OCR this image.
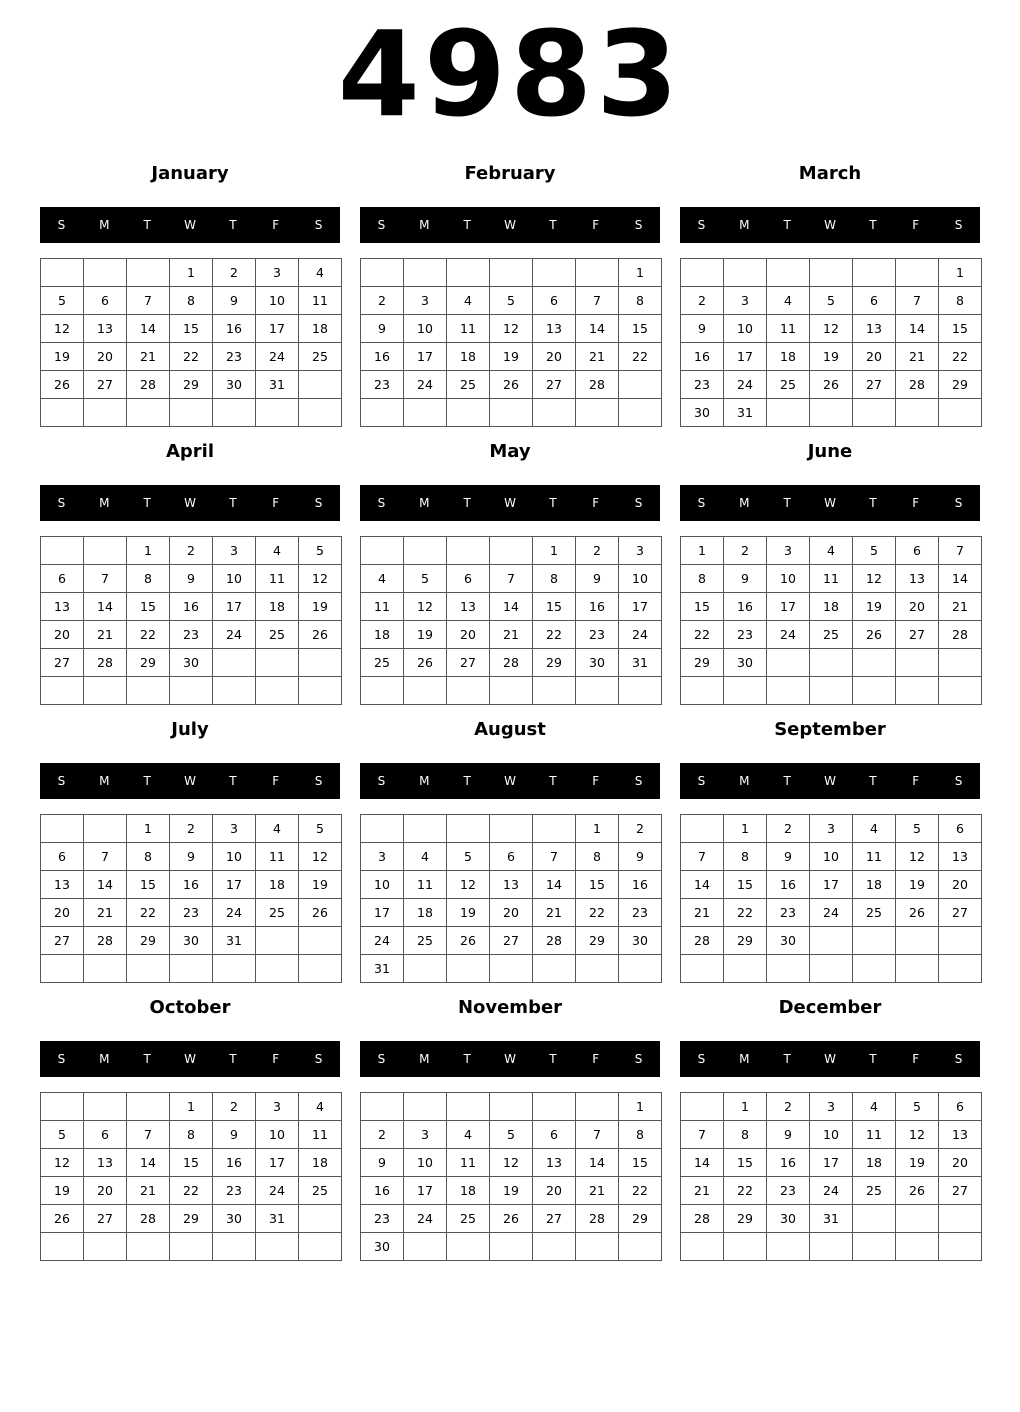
4983
January
S	M	T	W	T	F	S
			1	2	3	4
5	6	7	8	9	10	11
12	13	14	15	16	17	18
19	20	21	22	23	24	25
26	27	28	29	30	31	

February
S	M	T	W	T	F	S
						1
2	3	4	5	6	7	8
9	10	11	12	13	14	15
16	17	18	19	20	21	22
23	24	25	26	27	28	

March
S	M	T	W	T	F	S
						1
2	3	4	5	6	7	8
9	10	11	12	13	14	15
16	17	18	19	20	21	22
23	24	25	26	27	28	29
30	31					
April
S	M	T	W	T	F	S
		1	2	3	4	5
6	7	8	9	10	11	12
13	14	15	16	17	18	19
20	21	22	23	24	25	26
27	28	29	30			

May
S	M	T	W	T	F	S
				1	2	3
4	5	6	7	8	9	10
11	12	13	14	15	16	17
18	19	20	21	22	23	24
25	26	27	28	29	30	31

June
S	M	T	W	T	F	S
1	2	3	4	5	6	7
8	9	10	11	12	13	14
15	16	17	18	19	20	21
22	23	24	25	26	27	28
29	30					

July
S	M	T	W	T	F	S
		1	2	3	4	5
6	7	8	9	10	11	12
13	14	15	16	17	18	19
20	21	22	23	24	25	26
27	28	29	30	31		

August
S	M	T	W	T	F	S
					1	2
3	4	5	6	7	8	9
10	11	12	13	14	15	16
17	18	19	20	21	22	23
24	25	26	27	28	29	30
31						
September
S	M	T	W	T	F	S
	1	2	3	4	5	6
7	8	9	10	11	12	13
14	15	16	17	18	19	20
21	22	23	24	25	26	27
28	29	30				

October
S	M	T	W	T	F	S
			1	2	3	4
5	6	7	8	9	10	11
12	13	14	15	16	17	18
19	20	21	22	23	24	25
26	27	28	29	30	31	

November
S	M	T	W	T	F	S
						1
2	3	4	5	6	7	8
9	10	11	12	13	14	15
16	17	18	19	20	21	22
23	24	25	26	27	28	29
30						
December
S	M	T	W	T	F	S
	1	2	3	4	5	6
7	8	9	10	11	12	13
14	15	16	17	18	19	20
21	22	23	24	25	26	27
28	29	30	31			
